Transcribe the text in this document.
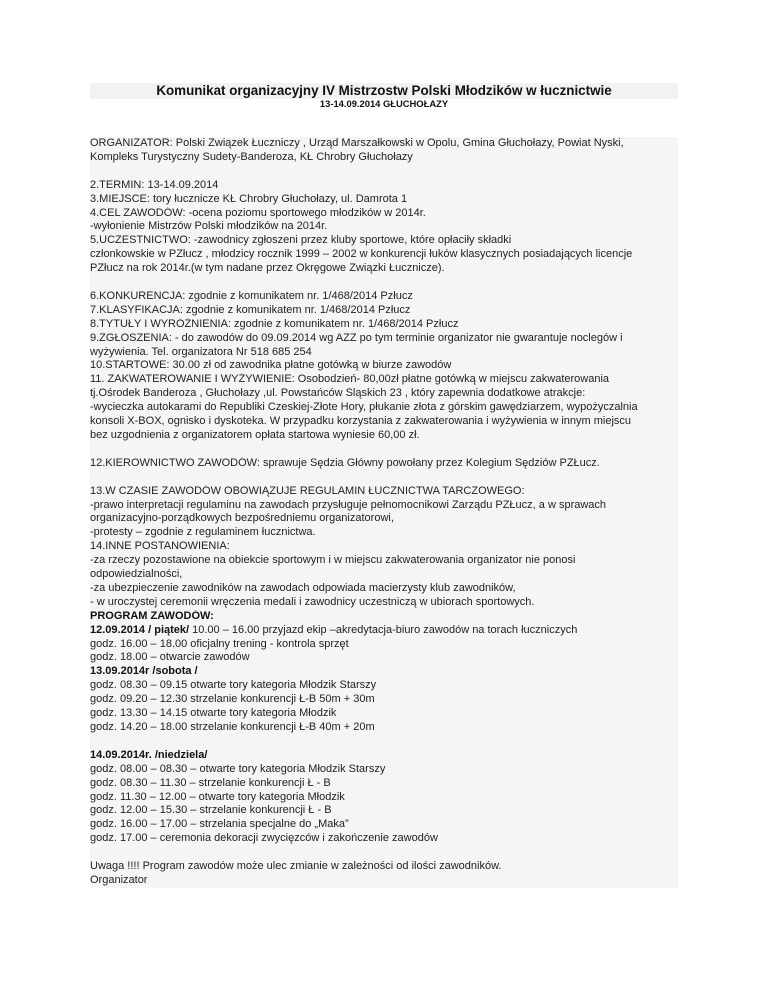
Komunikat organizacyjny IV Mistrzostw Polski Młodzików w łucznictwie
13-14.09.2014 GŁUCHOŁAZY

ORGANIZATOR: Polski Związek Łuczniczy , Urząd Marszałkowski w Opolu, Gmina Głuchołazy, Powiat Nyski,

Kompleks Turystyczny Sudety-Banderoza, KŁ Chrobry Głuchołazy

2.TERMIN: 13-14.09.2014

3.MIEJSCE: tory łucznicze KŁ Chrobry Głuchołazy, ul. Damrota 1

4.CEL ZAWODÓW: -ocena poziomu sportowego młodzików w 2014r.

-wyłonienie Mistrzów Polski młodzików na 2014r.

5.UCZESTNICTWO: -zawodnicy zgłoszeni przez kluby sportowe, które opłaciły składki

członkowskie w PZłucz , młodzicy rocznik 1999 – 2002 w konkurencji łuków klasycznych posiadających licencje

PZłucz na rok 2014r.(w tym nadane przez Okręgowe Związki Łucznicze).

6.KONKURENCJA: zgodnie z komunikatem nr. 1/468/2014 Pzłucz

7.KLASYFIKACJA: zgodnie z komunikatem nr. 1/468/2014 Pzłucz

8.TYTUŁY I WYRÓŻNIENIA: zgodnie z komunikatem nr. 1/468/2014 Pzłucz

9.ZGŁOSZENIA: - do zawodów do 09.09.2014 wg AZZ po tym terminie organizator nie gwarantuje noclegów i

wyżywienia. Tel. organizatora Nr 518 685 254

10.STARTOWE: 30.00 zł od zawodnika płatne gotówką w biurze zawodów

11. ZAKWATEROWANIE I WYŻYWIENIE: Osobodzień- 80,00zł płatne gotówką w miejscu zakwaterowania

tj.Ośrodek Banderoza , Głuchołazy ,ul. Powstańców Śląskich 23 , który zapewnia dodatkowe atrakcje:

-wycieczka autokarami do Republiki Czeskiej-Złote Hory, płukanie złota z górskim gawędziarzem, wypożyczalnia

konsoli X-BOX, ognisko i dyskoteka. W przypadku korzystania z zakwaterowania i wyżywienia w innym miejscu

bez uzgodnienia z organizatorem opłata startowa wyniesie 60,00 zł.

12.KIEROWNICTWO ZAWODÓW: sprawuje Sędzia Główny powołany przez Kolegium Sędziów PZŁucz.

13.W CZASIE ZAWODÓW OBOWIĄZUJE REGULAMIN ŁUCZNICTWA TARCZOWEGO:

-prawo interpretacji regulaminu na zawodach przysługuje pełnomocnikowi Zarządu PZŁucz, a w sprawach

organizacyjno-porządkowych bezpośredniemu organizatorowi,

-protesty – zgodnie z regulaminem łucznictwa.

14.INNE POSTANOWIENIA:

-za rzeczy pozostawione na obiekcie sportowym i w miejscu zakwaterowania organizator nie ponosi

odpowiedzialności,

-za ubezpieczenie zawodników na zawodach odpowiada macierzysty klub zawodników,

- w uroczystej ceremonii wręczenia medali i zawodnicy uczestniczą w ubiorach sportowych.

PROGRAM ZAWODÓW:

12.09.2014 / piątek/ 10.00 – 16.00 przyjazd ekip –akredytacja-biuro zawodów na torach łuczniczych

godz. 16.00 – 18.00 oficjalny trening - kontrola sprzęt

godz. 18.00 – otwarcie zawodów

13.09.2014r /sobota /

godz. 08.30 – 09.15 otwarte tory kategoria Młodzik Starszy

godz. 09.20 – 12.30 strzelanie konkurencji Ł-B 50m + 30m

godz. 13.30 – 14.15 otwarte tory kategoria Młodzik

godz. 14.20 – 18.00 strzelanie konkurencji Ł-B 40m + 20m

14.09.2014r. /niedziela/

godz. 08.00 – 08.30 – otwarte tory kategoria Młodzik Starszy

godz. 08.30 – 11.30 – strzelanie konkurencji Ł - B

godz. 11.30 – 12.00 – otwarte tory kategoria Młodzik

godz. 12.00 – 15.30 – strzelanie konkurencji Ł - B

godz. 16.00 – 17.00 – strzelania specjalne do „Maka”

godz. 17.00 – ceremonia dekoracji zwycięzców i zakończenie zawodów

Uwaga !!!! Program zawodów może ulec zmianie w zależności od ilości zawodników.

Organizator
